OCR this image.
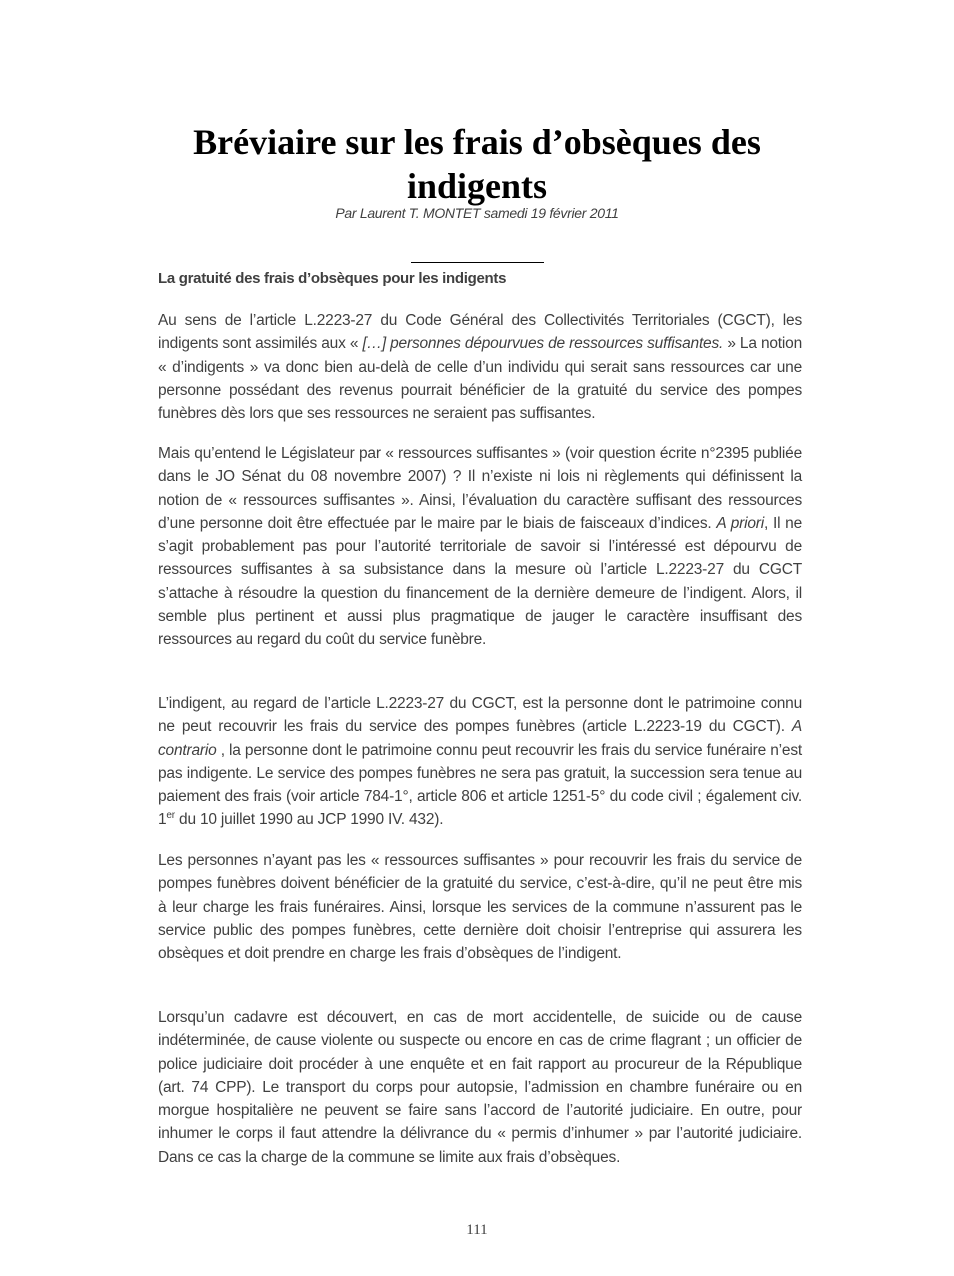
Bréviaire sur les frais d’obsèques des indigents
Par Laurent T. MONTET samedi 19 février 2011
La gratuité des frais d’obsèques pour les indigents

Au sens de l’article L.2223-27 du Code Général des Collectivités Territoriales (CGCT), les indigents sont assimilés aux « […] personnes dépourvues de ressources suffisantes. » La notion « d’indigents » va donc bien au-delà de celle d’un individu qui serait sans ressources car une personne possédant des revenus pourrait bénéficier de la gratuité du service des pompes funèbres dès lors que ses ressources ne seraient pas suffisantes.

Mais qu’entend le Législateur par « ressources suffisantes » (voir question écrite n°2395 publiée dans le JO Sénat du 08 novembre 2007) ? Il n’existe ni lois ni règlements qui définissent la notion de « ressources suffisantes ». Ainsi, l’évaluation du caractère suffisant des ressources d’une personne doit être effectuée par le maire par le biais de faisceaux d’indices. A priori, Il ne s’agit probablement pas pour l’autorité territoriale de savoir si l’intéressé est dépourvu de ressources suffisantes à sa subsistance dans la mesure où l’article L.2223-27 du CGCT s’attache à résoudre la question du financement de la dernière demeure de l’indigent. Alors, il semble plus pertinent et aussi plus pragmatique de jauger le caractère insuffisant des ressources au regard du coût du service funèbre.

L’indigent, au regard de l’article L.2223-27 du CGCT, est la personne dont le patrimoine connu ne peut recouvrir les frais du service des pompes funèbres (article L.2223-19 du CGCT). A contrario , la personne dont le patrimoine connu peut recouvrir les frais du service funéraire n’est pas indigente. Le service des pompes funèbres ne sera pas gratuit, la succession sera tenue au paiement des frais (voir article 784-1°, article 806 et article 1251-5° du code civil ; également civ. 1er du 10 juillet 1990 au JCP 1990 IV. 432).

Les personnes n’ayant pas les « ressources suffisantes » pour recouvrir les frais du service de pompes funèbres doivent bénéficier de la gratuité du service, c’est-à-dire, qu’il ne peut être mis à leur charge les frais funéraires. Ainsi, lorsque les services de la commune n’assurent pas le service public des pompes funèbres, cette dernière doit choisir l’entreprise qui assurera les obsèques et doit prendre en charge les frais d’obsèques de l’indigent.

Lorsqu’un cadavre est découvert, en cas de mort accidentelle, de suicide ou de cause indéterminée, de cause violente ou suspecte ou encore en cas de crime flagrant ; un officier de police judiciaire doit procéder à une enquête et en fait rapport au procureur de la République (art. 74 CPP). Le transport du corps pour autopsie, l’admission en chambre funéraire ou en morgue hospitalière ne peuvent se faire sans l’accord de l’autorité judiciaire. En outre, pour inhumer le corps il faut attendre la délivrance du « permis d’inhumer » par l’autorité judiciaire. Dans ce cas la charge de la commune se limite aux frais d’obsèques.

111
